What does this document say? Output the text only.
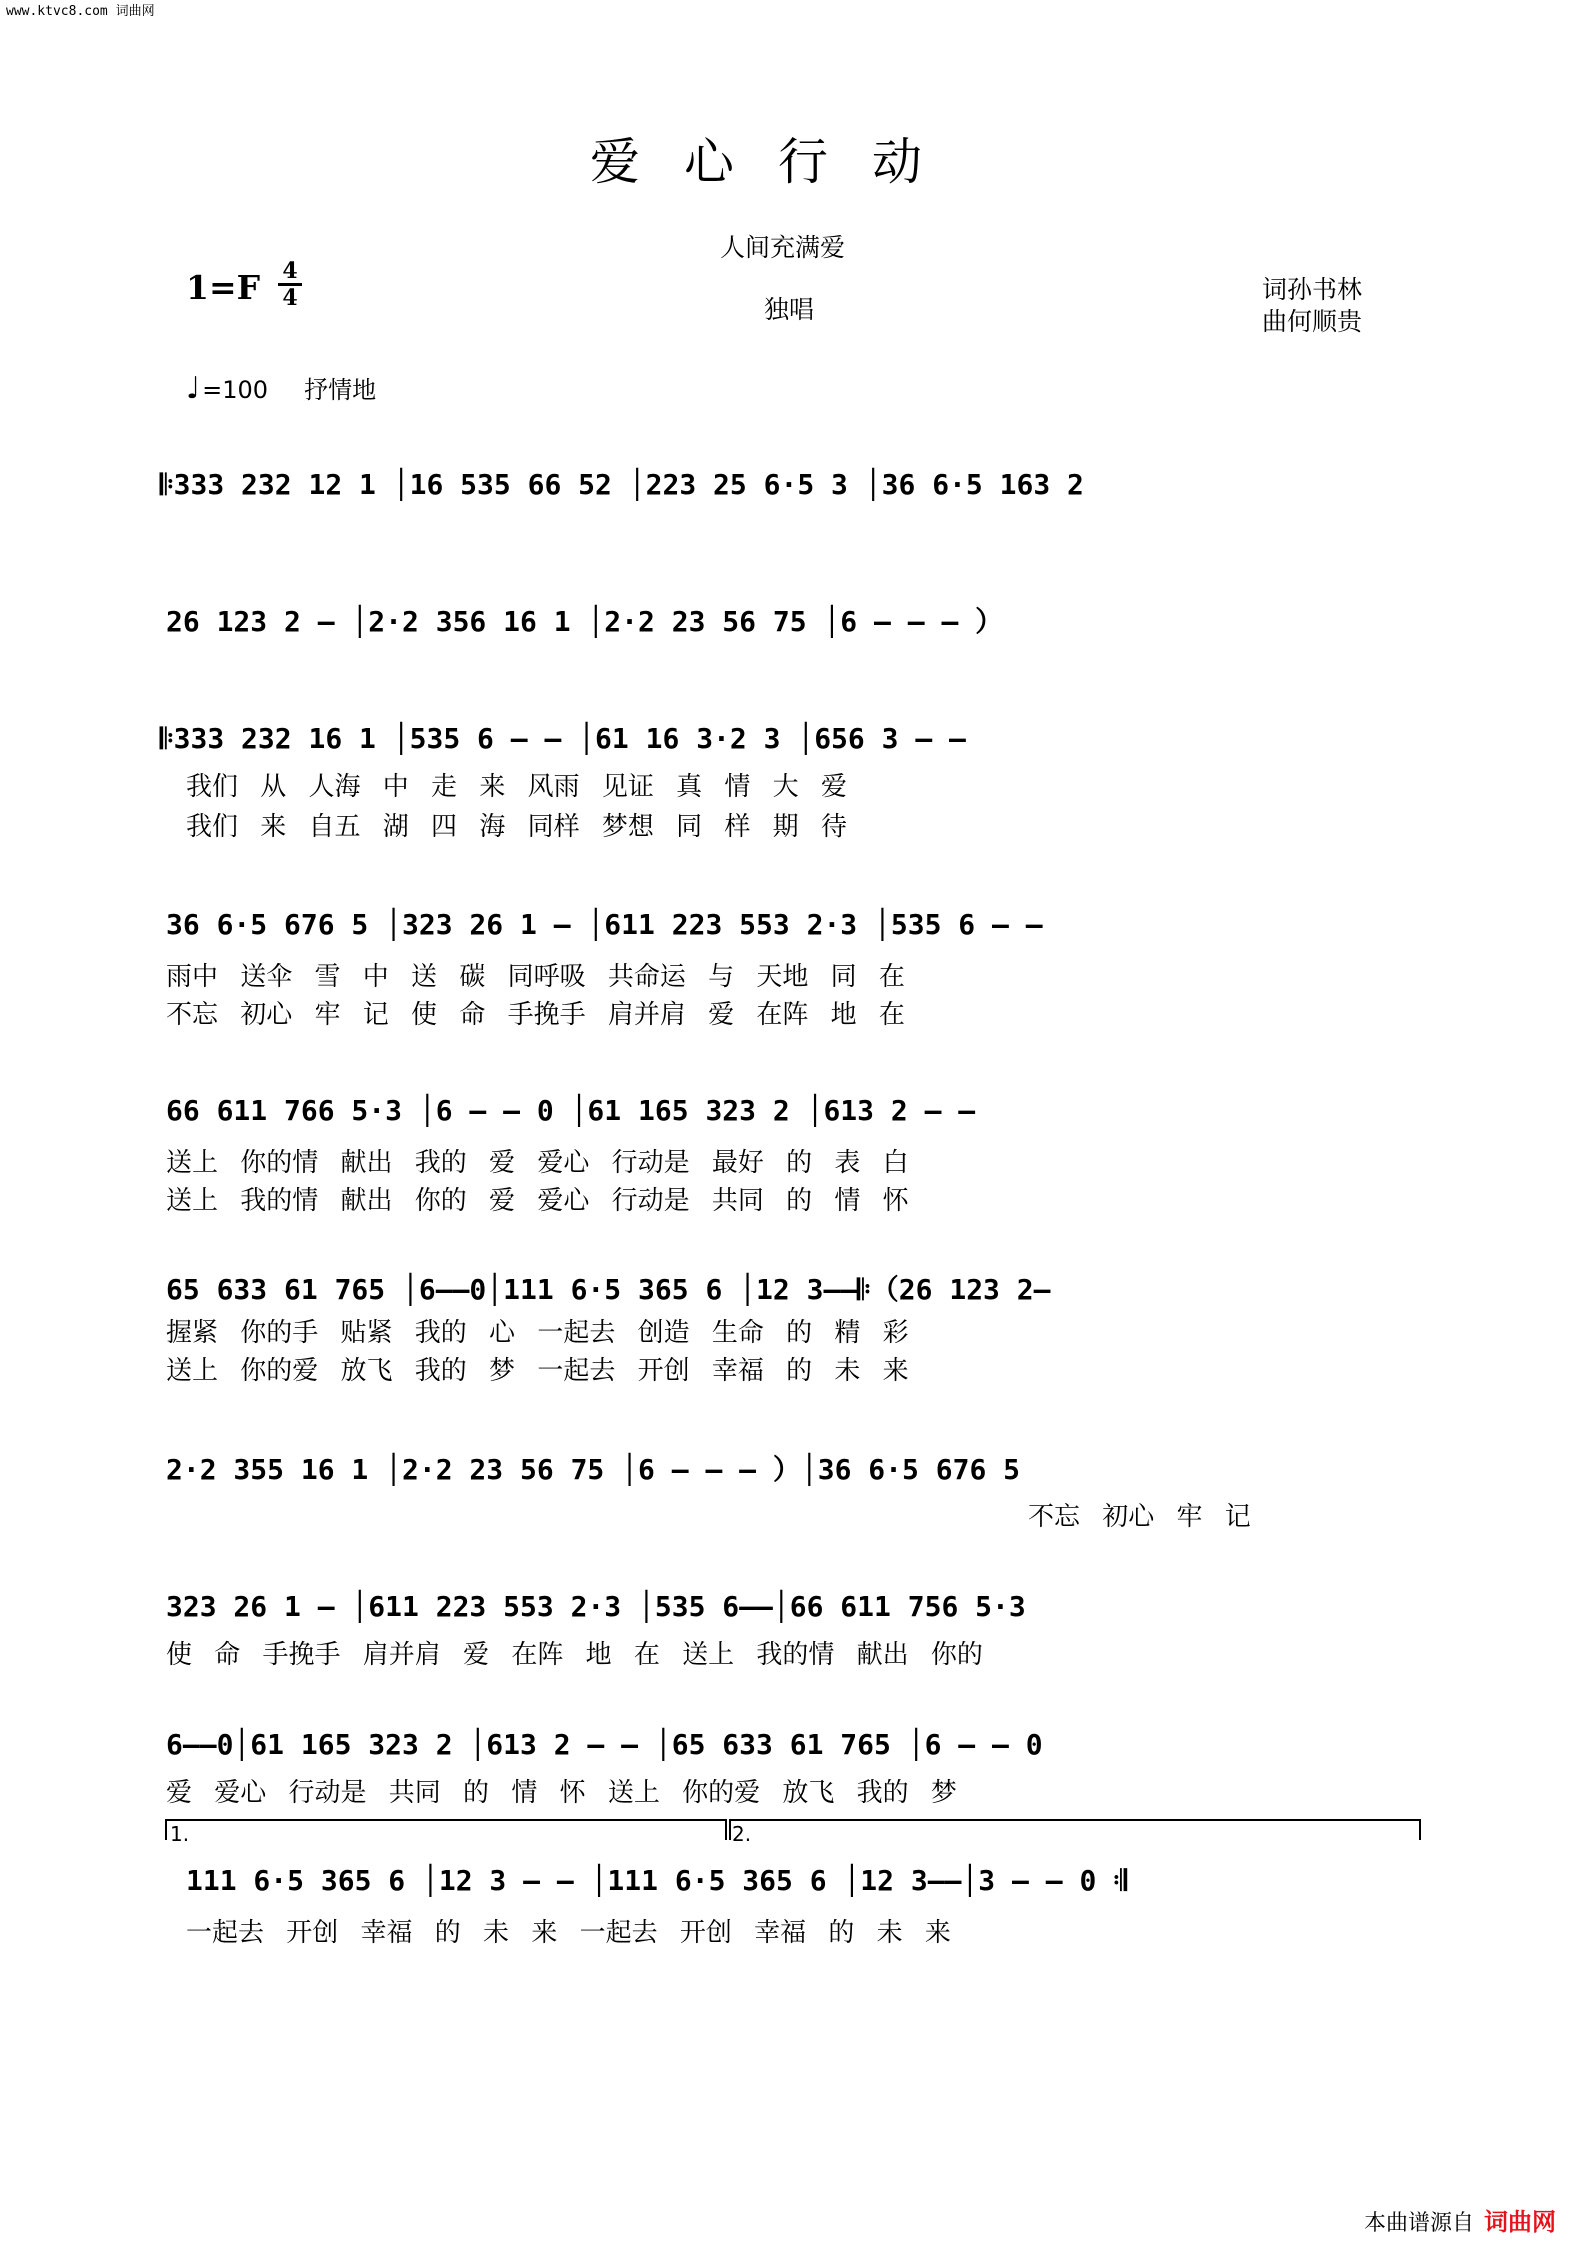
www.ktvc8.com 词曲网
爱心行动
人间充满爱
1=F 4
4	独唱
词孙书林
曲何顺贵
♩=100 抒情地
𝄆333 232 12 1 │16 535 66 52 │223 25 6·5 3 │36 6·5 163 2
26 123 2 – │2·2 356 16 1 │2·2 23 56 75 │6 – – – ）
𝄆333 232 16 1 │535 6 – – │61 16 3·2 3 │656 3 – –
我们 从 人海 中 走 来 风雨 见证 真 情 大 爱
我们 来 自五 湖 四 海 同样 梦想 同 样 期 待
36 6·5 676 5 │323 26 1 – │611 223 553 2·3 │535 6 – –
雨中 送伞 雪 中 送 碳 同呼吸 共命运 与 天地 同 在
不忘 初心 牢 记 使 命 手挽手 肩并肩 爱 在阵 地 在
66 611 766 5·3 │6 – – 0 │61 165 323 2 │613 2 – –
送上 你的情 献出 我的 爱 爱心 行动是 最好 的 表 白
送上 我的情 献出 你的 爱 爱心 行动是 共同 的 情 怀
65 633 61 765 │6––0│111 6·5 365 6 │12 3––𝄆（26 123 2–
握紧 你的手 贴紧 我的 心 一起去 创造 生命 的 精 彩
送上 你的爱 放飞 我的 梦 一起去 开创 幸福 的 未 来
2·2 355 16 1 │2·2 23 56 75 │6 – – – ）│36 6·5 676 5
不忘 初心 牢 记
323 26 1 – │611 223 553 2·3 │535 6––│66 611 756 5·3
使 命 手挽手 肩并肩 爱 在阵 地 在 送上 我的情 献出 你的
6––0│61 165 323 2 │613 2 – – │65 633 61 765 │6 – – 0
爱 爱心 行动是 共同 的 情 怀 送上 你的爱 放飞 我的 梦
1.	2.
111 6·5 365 6 │12 3 – – │111 6·5 365 6 │12 3––│3 – – 0 𝄇
一起去 开创 幸福 的 未 来 一起去 开创 幸福 的 未 来
本曲谱源自 词曲网
